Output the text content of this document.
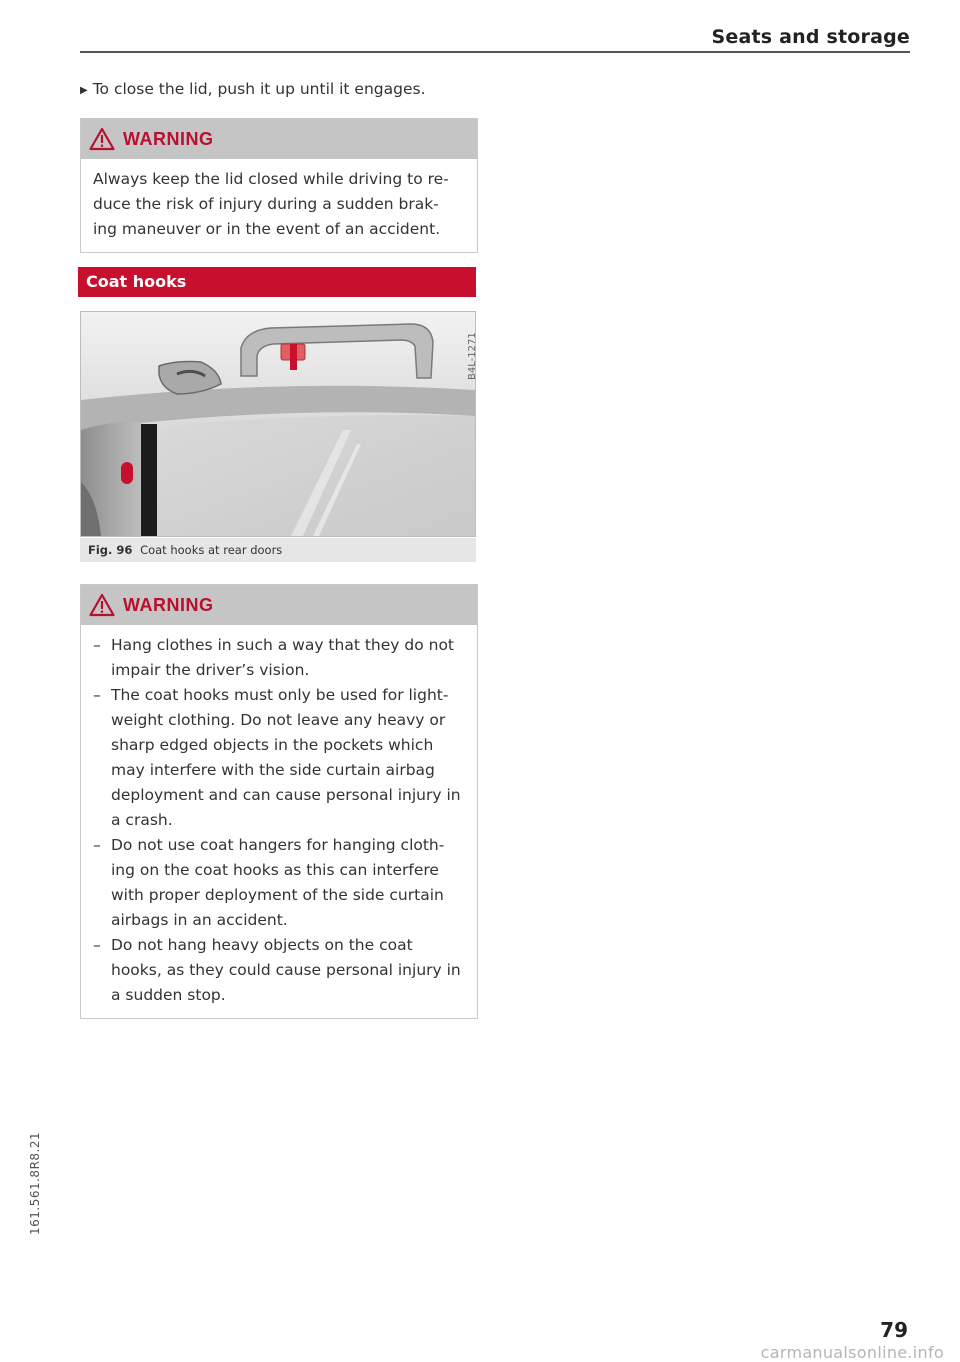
Seats and storage
▶ To close the lid, push it up until it engages.
WARNING
Always keep the lid closed while driving to re-
duce the risk of injury during a sudden brak-
ing maneuver or in the event of an accident.
Coat hooks
B4L-1271
Fig. 96 Coat hooks at rear doors
WARNING
– Hang clothes in such a way that they do not
impair the driver’s vision.
– The coat hooks must only be used for light-
weight clothing. Do not leave any heavy or
sharp edged objects in the pockets which
may interfere with the side curtain airbag
deployment and can cause personal injury in
a crash.
– Do not use coat hangers for hanging cloth-
ing on the coat hooks as this can interfere
with proper deployment of the side curtain
airbags in an accident.
– Do not hang heavy objects on the coat
hooks, as they could cause personal injury in
a sudden stop.
161.561.8R8.21
79
carmanualsonline.info
